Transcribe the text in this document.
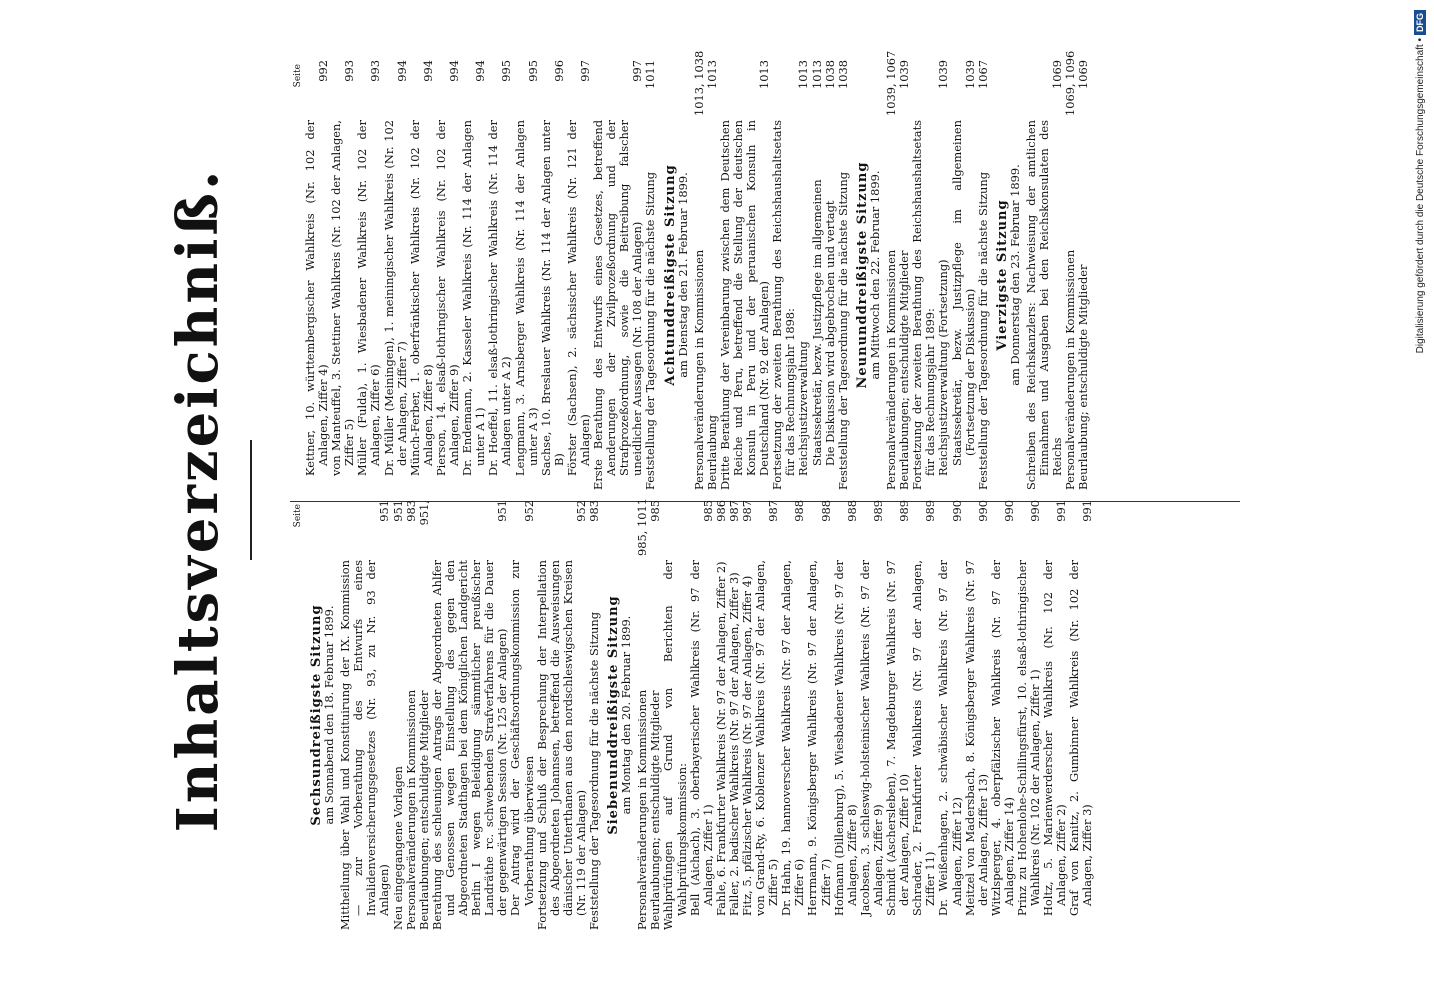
Inhaltsverzeichniß.	Seite
Sechsundreißigste Sitzung
am Sonnabend den 18. Februar 1899. Mittheilung über Wahl und Konstituirung der IX. Kommission — zur Vorberathung des Entwurfs eines Invalidenversicherungsgesetzes (Nr. 93, zu Nr. 93 der Anlagen)
951
Neu eingegangene Vorlagen
951
Personalveränderungen in Kommissionen
983
Beurlaubungen; entschuldigte Mitglieder
951,
Berathung des schleunigen Antrags der Abgeordneten Ahlfer und Genossen wegen Einstellung des gegen den Abgeordneten Stadthagen bei dem Königlichen Landgericht Berlin I wegen Beleidigung sämmtlicher preußischer Landräthe rc. schwebenden Strafverfahrens für die Dauer der gegenwärtigen Session (Nr. 125 der Anlagen)
951
Der Antrag wird der Geschäftsordnungskommission zur Vorberathung überwiesen
952
Fortsetzung und Schluß der Besprechung der Interpellation des Abgeordneten Johannsen, betreffend die Ausweisungen dänischer Unterthanen aus den nordschleswigschen Kreisen (Nr. 119 der Anlagen)
952
Feststellung der Tagesordnung für die nächste Sitzung
983
Siebenunddreißigste Sitzung
am Montag den 20. Februar 1899. Personalveränderungen in Kommissionen
985, 1011
Beurlaubungen; entschuldigte Mitglieder
985
Wahlprüfungen auf Grund von Berichten der Wahlprüfungskommission: Bell (Aichach), 3. oberbayerischer Wahlkreis (Nr. 97 der Anlagen, Ziffer 1)
985
Fahle, 6. Frankfurter Wahlkreis (Nr. 97 der Anlagen, Ziffer 2)
986
Faller, 2. badischer Wahlkreis (Nr. 97 der Anlagen, Ziffer 3)
987
Fitz, 5. pfälzischer Wahlkreis (Nr. 97 der Anlagen, Ziffer 4)
987
von Grand-Ry, 6. Koblenzer Wahlkreis (Nr. 97 der Anlagen, Ziffer 5)
987
Dr. Hahn, 19. hannoverscher Wahlkreis (Nr. 97 der Anlagen, Ziffer 6)
988
Herrmann, 9. Königsberger Wahlkreis (Nr. 97 der Anlagen, Ziffer 7)
988
Hofmann (Dillenburg), 5. Wiesbadener Wahlkreis (Nr. 97 der Anlagen, Ziffer 8)
988
Jacobsen, 3. schleswig-holsteinischer Wahlkreis (Nr. 97 der Anlagen, Ziffer 9)
989
Schmidt (Aschersleben), 7. Magdeburger Wahlkreis (Nr. 97 der Anlagen, Ziffer 10)
989
Schrader, 2. Frankfurter Wahlkreis (Nr. 97 der Anlagen, Ziffer 11)
989
Dr. Weißenhagen, 2. schwäbischer Wahlkreis (Nr. 97 der Anlagen, Ziffer 12)
990
Meitzel von Madersbach, 8. Königsberger Wahlkreis (Nr. 97 der Anlagen, Ziffer 13)
990
Witzlsperger, 4. oberpfälzischer Wahlkreis (Nr. 97 der Anlagen, Ziffer 14)
990
Prinz zu Hohenlohe-Schillingsfürst, 10. elsaß-lothringischer Wahlkreis (Nr. 102 der Anlagen, Ziffer 1)
990
Holtz, 5. Marienwerderscher Wahlkreis (Nr. 102 der Anlagen, Ziffer 2)
991
Graf von Kanitz, 2. Gumbinner Wahlkreis (Nr. 102 der Anlagen, Ziffer 3)
991
Seite
Kettner, 10. württembergischer Wahlkreis (Nr. 102 der Anlagen, Ziffer 4)
992
von Manteuffel, 3. Stettiner Wahlkreis (Nr. 102 der Anlagen, Ziffer 5)
993
Müller (Fulda), 1. Wiesbadener Wahlkreis (Nr. 102 der Anlagen, Ziffer 6)
993
Dr. Müller (Meiningen), 1. meiningischer Wahlkreis (Nr. 102 der Anlagen, Ziffer 7)
994
Münch-Ferber, 1. oberfränkischer Wahlkreis (Nr. 102 der Anlagen, Ziffer 8)
994
Pierson, 14. elsaß-lothringischer Wahlkreis (Nr. 102 der Anlagen, Ziffer 9)
994
Dr. Endemann, 2. Kasseler Wahlkreis (Nr. 114 der Anlagen unter A 1)
994
Dr. Hoeffel, 11. elsaß-lothringischer Wahlkreis (Nr. 114 der Anlagen unter A 2)
995
Lengmann, 3. Arnsberger Wahlkreis (Nr. 114 der Anlagen unter A 3)
995
Sachse, 10. Breslauer Wahlkreis (Nr. 114 der Anlagen unter B)
996
Förster (Sachsen), 2. sächsischer Wahlkreis (Nr. 121 der Anlagen)
997
Erste Berathung des Entwurfs eines Gesetzes, betreffend Aenderungen der Zivilprozeßordnung und der Strafprozeßordnung, sowie die Beitreibung falscher uneidlicher Aussagen (Nr. 108 der Anlagen)
997
Feststellung der Tagesordnung für die nächste Sitzung
1011
Achtunddreißigste Sitzung
am Dienstag den 21. Februar 1899. Personalveränderungen in Kommissionen
1013, 1038
Beurlaubung
1013
Dritte Berathung der Vereinbarung zwischen dem Deutschen Reiche und Peru, betreffend die Stellung der deutschen Konsuln in Peru und der peruanischen Konsuln in Deutschland (Nr. 92 der Anlagen)
1013
Fortsetzung der zweiten Berathung des Reichshaushaltsetats für das Rechnungsjahr 1898: Reichsjustizverwaltung
1013
Staatssekretär, bezw. Justizpflege im allgemeinen
1013
Die Diskussion wird abgebrochen und vertagt
1038
Feststellung der Tagesordnung für die nächste Sitzung
1038
Neununddreißigste Sitzung
am Mittwoch den 22. Februar 1899. Personalveränderungen in Kommissionen
1039, 1067
Beurlaubungen; entschuldigte Mitglieder
1039
Fortsetzung der zweiten Berathung des Reichshaushaltsetats für das Rechnungsjahr 1899: Reichsjustizverwaltung (Fortsetzung)
1039
Staatssekretär, bezw. Justizpflege im allgemeinen (Fortsetzung der Diskussion)
1039
Feststellung der Tagesordnung für die nächste Sitzung
1067
Vierzigste Sitzung
am Donnerstag den 23. Februar 1899. Schreiben des Reichskanzlers: Nachweisung der amtlichen Einnahmen und Ausgaben bei den Reichskonsulaten des Reichs
1069
Personalveränderungen in Kommissionen
1069, 1096
Beurlaubung; entschuldigte Mitglieder
1069	Digitalisierung gefördert durch die Deutsche Forschungsgemeinschaft •
DFG
